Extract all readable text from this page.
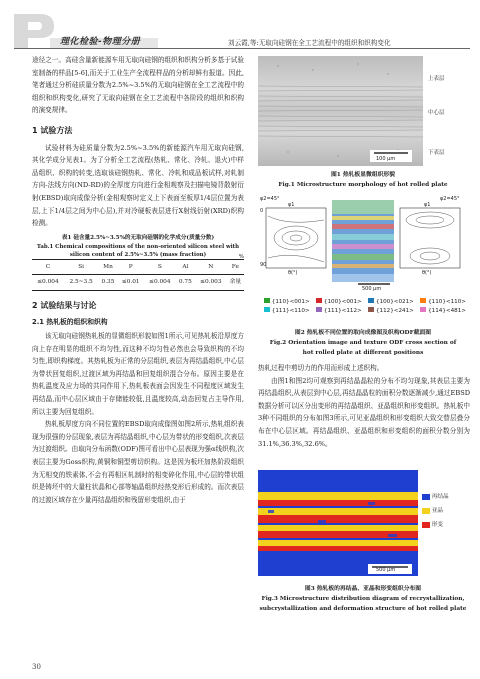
理化检验-物理分册	刘云霞,等:无取向硅钢在全工艺流程中的组织和织构变化

途径之一。高硅含量新能源车用无取向硅钢的组织和织构分析多基于试验室制备的样品[5-6],而关于工业生产全流程样品的分析却鲜有报道。因此,笔者通过分析硅质量分数为2.5%~3.5%的无取向硅钢在全工艺流程中的组织和织构变化,研究了无取向硅钢在全工艺流程中各阶段的组织和织构的演变规律。

1 试验方法

试验材料为硅质量分数为2.5%~3.5%的新能源汽车用无取向硅钢,其化学成分见表1。为了分析全工艺流程(热轧、常化、冷轧、退火)中样品组织、织构的转变,选取该硅钢热轧、常化、冷轧和成品板试样,对轧制方向-法线方向(ND-RD)的全厚度方向进行金相观察及扫描电镜背散射衍射(EBSD)取向成像分析(金相观察时定义上下表面至板厚1/4层位置为表层,上下1/4层之间为中心层),并对冷硬板表层进行X射线衍射(XRD)织构检测。

表1 硅含量2.5%~3.5%的无取向硅钢的化学成分(质量分数)
Tab.1 Chemical compositions of the non-oriented silicon steel with
silicon content of 2.5%~3.5% (mass fraction)	%
C	Si	Mn	P	S	Al	N	Fe
≤0.004	2.5~3.5	0.35	≤0.01	≤0.004	0.75	≤0.003	余量

2 试验结果与讨论

2.1 热轧板的组织和织构

该无取向硅钢热轧板的显微组织形貌如图1所示,可见热轧板沿厚度方向上存在明显的组织不均匀性,而这种不均匀性必然也会导致织构的不均匀性,即织构梯度。其热轧板为正常的分层组织,表层为再结晶组织,中心层为带状回复组织,过渡区域为再结晶和回复组织混合分布。原因主要是在热轧温度及应力场的共同作用下,热轧板表面会因发生不同程度区域发生再结晶,而中心层区域由于存储能较低,且温度较高,动态回复占主导作用,所以主要为回复组织。

热轧板厚度方向不同位置的EBSD取向成像图如图2所示,热轧组织表现为很强的分层现象,表层为再结晶组织,中心层为带状的形变组织,次表层为过渡组织。由取向分布函数(ODF)图可看出中心层表现为强α线织构,次表层主要为Goss织构,黄铜和铜型剪切织构。这是因为板坯加热阶段组织为无相变的铁素体,不会有再相区轧制时的相变碎化作用,中心层的带状组织是铸坯中的大量柱状晶和心部等轴晶组织经热变形后形成的。而次表层的过渡区域存在少量再结晶组织和残留形变组织,由于

上表层
中心层
下表层
100 μm
图1 热轧板显微组织形貌
Fig.1 Microstructure morphology of hot rolled plate
φ2=45°
φ1
φ2=45°
φ1
90
0
θ(°)	θ(°)
500 μm
{110}<001>	{100}<001>	{100}<021>	{110}<110>
{111}<110>	{111}<112>	{112}<241>	{114}<481>
图2 热轧板不同位置的取向成像图及织构ODF截面图
Fig.2 Orientation image and texture ODF cross section of
hot rolled plate at different positions

热轧过程中剪切力的作用而形成上述织构。

由图1和图2均可观察到再结晶晶粒的分布不均匀现象,其表层主要为再结晶组织,从表层到中心层,再结晶晶粒的面积分数逐渐减少,通过EBSD数据分析可以区分出变形的再结晶组织、亚晶组织和形变组织。热轧板中3种不同组织的分布如图3所示,可见亚晶组织和形变组织大致交替层叠分布在中心层区域。再结晶组织、亚晶组织和形变组织的面积分数分别为31.1%,36.3%,32.6%。

再结晶
亚晶
形变
500 μm
图3 热轧板的再结晶、亚晶和形变组织分布图
Fig.3 Microstructure distribution diagram of recrystallization,
subcrystallization and deformation structure of hot rolled plate
30
